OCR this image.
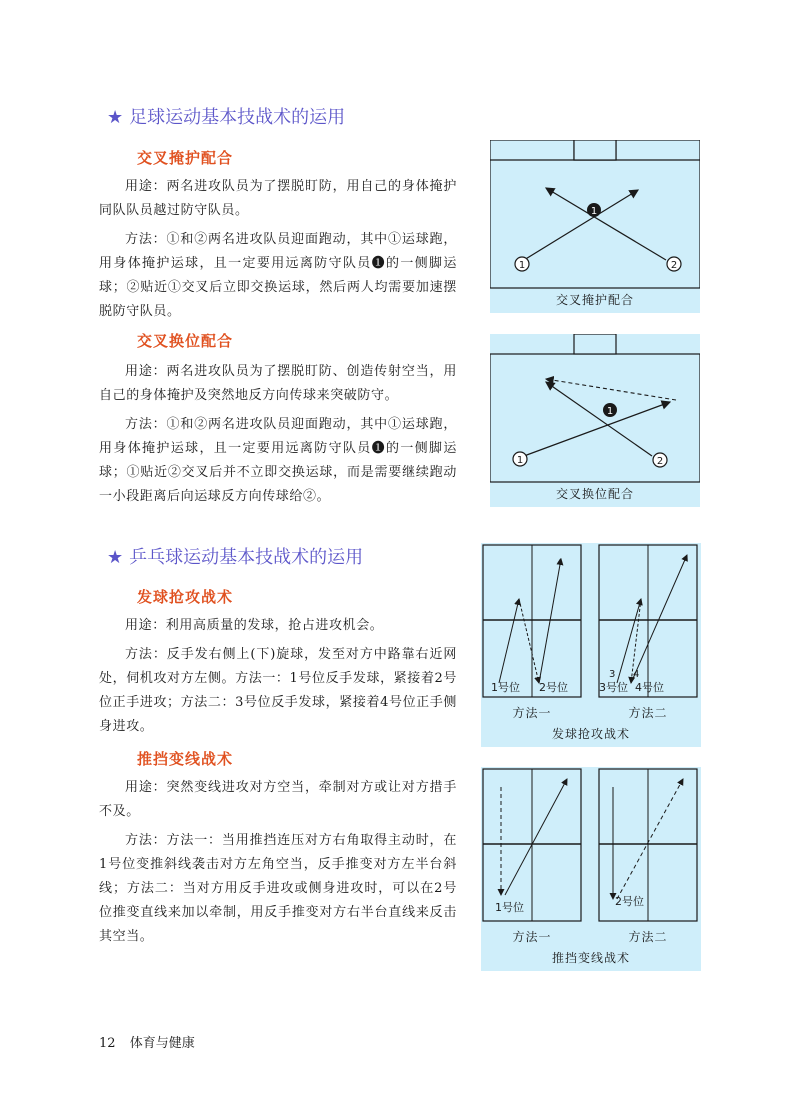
★ 足球运动基本技战术的运用
交叉掩护配合

用途：两名进攻队员为了摆脱盯防，用自己的身体掩护同队队员越过防守队员。

方法：①和②两名进攻队员迎面跑动，其中①运球跑，用身体掩护运球，且一定要用远离防守队员❶的一侧脚运球；②贴近①交叉后立即交换运球，然后两人均需要加速摆脱防守队员。

交叉换位配合

用途：两名进攻队员为了摆脱盯防、创造传射空当，用自己的身体掩护及突然地反方向传球来突破防守。

方法：①和②两名进攻队员迎面跑动，其中①运球跑，用身体掩护运球，且一定要用远离防守队员❶的一侧脚运球；①贴近②交叉后并不立即交换运球，而是需要继续跑动一小段距离后向运球反方向传球给②。

1
1	2
交叉掩护配合
1
1	2
交叉换位配合
★ 乒乓球运动基本技战术的运用
发球抢攻战术

用途：利用高质量的发球，抢占进攻机会。

方法：反手发右侧上(下)旋球，发至对方中路靠右近网处，伺机攻对方左侧。方法一：1号位反手发球，紧接着2号位正手进攻；方法二：3号位反手发球，紧接着4号位正手侧身进攻。

推挡变线战术

用途：突然变线进攻对方空当，牵制对方或让对方措手不及。

方法：方法一：当用推挡连压对方右角取得主动时，在1号位变推斜线袭击对方左角空当，反手推变对方左半台斜线；方法二：当对方用反手进攻或侧身进攻时，可以在2号位推变直线来加以牵制，用反手推变对方右半台直线来反击其空当。

4
1号位 2号位
3 4
3号位 4号位
方法一	方法二
发球抢攻战术
1号位	2号位
方法一	方法二
推挡变线战术
12 体育与健康
